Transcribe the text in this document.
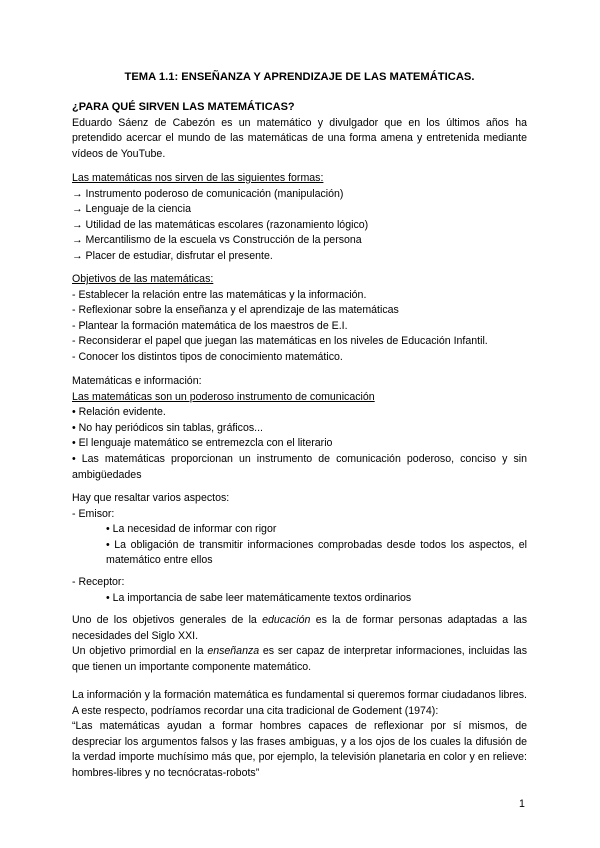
TEMA 1.1: ENSEÑANZA Y APRENDIZAJE DE LAS MATEMÁTICAS.

¿PARA QUÉ SIRVEN LAS MATEMÁTICAS?

Eduardo Sáenz de Cabezón es un matemático y divulgador que en los últimos años ha pretendido acercar el mundo de las matemáticas de una forma amena y entretenida mediante vídeos de YouTube.

Las matemáticas nos sirven de las siguientes formas:

→ Instrumento poderoso de comunicación (manipulación)

→ Lenguaje de la ciencia

→ Utilidad de las matemáticas escolares (razonamiento lógico)

→ Mercantilismo de la escuela vs Construcción de la persona

→ Placer de estudiar, disfrutar el presente.

Objetivos de las matemáticas:

- Establecer la relación entre las matemáticas y la información.

- Reflexionar sobre la enseñanza y el aprendizaje de las matemáticas

- Plantear la formación matemática de los maestros de E.I.

- Reconsiderar el papel que juegan las matemáticas en los niveles de Educación Infantil.

- Conocer los distintos tipos de conocimiento matemático.

Matemáticas e información:

Las matemáticas son un poderoso instrumento de comunicación

• Relación evidente.

• No hay periódicos sin tablas, gráficos...

• El lenguaje matemático se entremezcla con el literario

• Las matemáticas proporcionan un instrumento de comunicación poderoso, conciso y sin ambigüedades

Hay que resaltar varios aspectos:

- Emisor:

• La necesidad de informar con rigor

• La obligación de transmitir informaciones comprobadas desde todos los aspectos, el matemático entre ellos

- Receptor:

• La importancia de sabe leer matemáticamente textos ordinarios

Uno de los objetivos generales de la educación es la de formar personas adaptadas a las necesidades del Siglo XXI.

Un objetivo primordial en la enseñanza es ser capaz de interpretar informaciones, incluidas las que tienen un importante componente matemático.

La información y la formación matemática es fundamental si queremos formar ciudadanos libres. A este respecto, podríamos recordar una cita tradicional de Godement (1974):

“Las matemáticas ayudan a formar hombres capaces de reflexionar por sí mismos, de despreciar los argumentos falsos y las frases ambiguas, y a los ojos de los cuales la difusión de la verdad importe muchísimo más que, por ejemplo, la televisión planetaria en color y en relieve: hombres-libres y no tecnócratas-robots”

1
